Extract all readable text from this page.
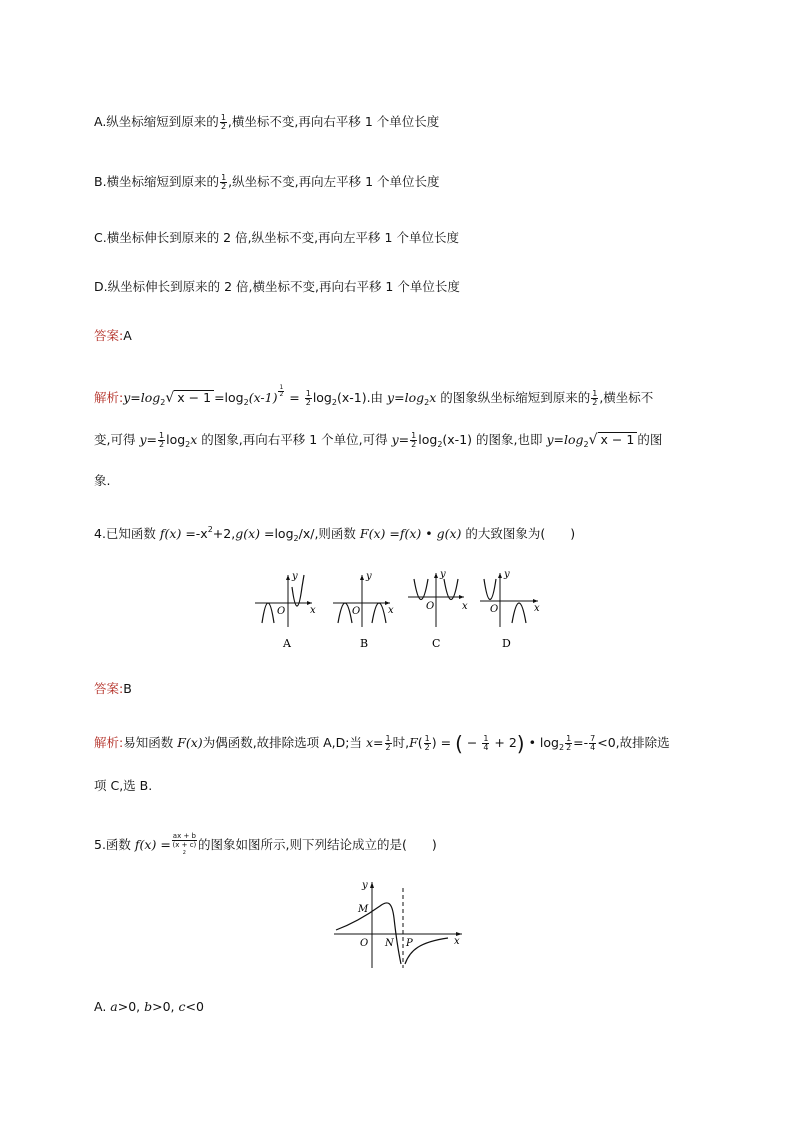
A.纵坐标缩短到原来的 $\frac{1}{2}$ ,横坐标不变,再向右平移 1 个单位长度
B.横坐标缩短到原来的 $\frac{1}{2}$ ,纵坐标不变,再向左平移 1 个单位长度
C.横坐标伸长到原来的 2 倍,纵坐标不变,再向左平移 1 个单位长度
D.纵坐标伸长到原来的 2 倍,横坐标不变,再向右平移 1 个单位长度
答案:A
解析$:y=\log_2√$ $x - 1 =\log_2(x-1) \frac{1}{2} = \frac{1}{2} \log_2(x-1)$.由 $y=\log_2x$ 的图象纵坐标缩短到原来的 $\frac{1}{2}$ ,横坐标不
变,可得 $y= \frac{1}{2} \log_2x$ 的图象,再向右平移 1 个单位,可得 $y= \frac{1}{2} \log_2(x-1)$ 的图象,也即 $y=\log_2√$ x − 1 的图
象.
4.已知函数 $f(x) =-x^2+2,g(x) =\log_2/x/$,则函数 F(x) =f(x) • g(x) 的大致图象为(　　)
y
O x
A
y
O	x
B
y
O	x
C
y
O	x
D
答案:B
解析:易知函数 F(x)为偶函数,故排除选项 A,D;当 $x= \frac{1}{2}$ 时$,F( \frac{1}{2}$ ) = ( − $\frac{1}{4} + 2$) • $\log_2 \frac{1}{2} =- \frac{7}{4} <0$,故排除选
项 C,选 B.
5.函数 f(x) = ax + b
(x + c)
$^2$ 的图象如图所示,则下列结论成立的是(　　)
y
M
O N P	x
A. a>0, b>0, c<0
